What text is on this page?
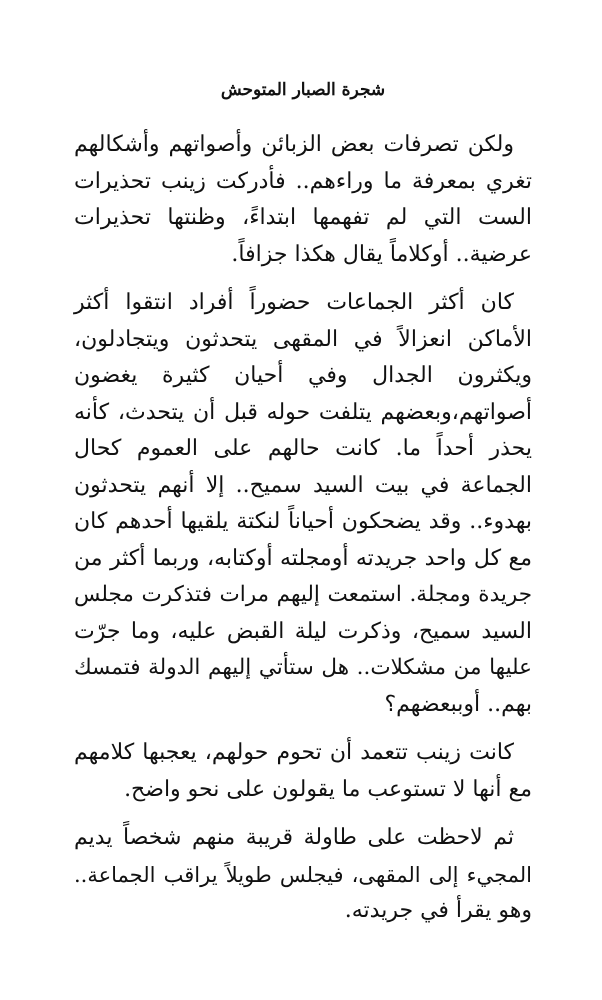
شجرة الصبار المتوحش
ولكن تصرفات بعض الزبائن وأصواتهم وأشكالهم
تغري بمعرفة ما وراءهم.. فأدركت زينب تحذيرات
الست التي لم تفهمها ابتداءً، وظنتها تحذيرات
عرضية.. أوكلاماً يقال هكذا جزافاً.
كان أكثر الجماعات حضوراً أفراد انتقوا أكثر
الأماكن انعزالاً في المقهى يتحدثون ويتجادلون،
ويكثرون الجدال وفي أحيان كثيرة يغضون
أصواتهم،وبعضهم يتلفت حوله قبل أن يتحدث، كأنه
يحذر أحداً ما. كانت حالهم على العموم كحال
الجماعة في بيت السيد سميح.. إلا أنهم يتحدثون
بهدوء.. وقد يضحكون أحياناً لنكتة يلقيها أحدهم كان
مع كل واحد جريدته أومجلته أوكتابه، وربما أكثر من
جريدة ومجلة. استمعت إليهم مرات فتذكرت مجلس
السيد سميح، وذكرت ليلة القبض عليه، وما جرّت
عليها من مشكلات.. هل ستأتي إليهم الدولة فتمسك
بهم.. أوببعضهم؟
كانت زينب تتعمد أن تحوم حولهم، يعجبها كلامهم
مع أنها لا تستوعب ما يقولون على نحو واضح.
ثم لاحظت على طاولة قريبة منهم شخصاً يديم
المجيء إلى المقهى، فيجلس طويلاً يراقب الجماعة..
وهو يقرأ في جريدته.
